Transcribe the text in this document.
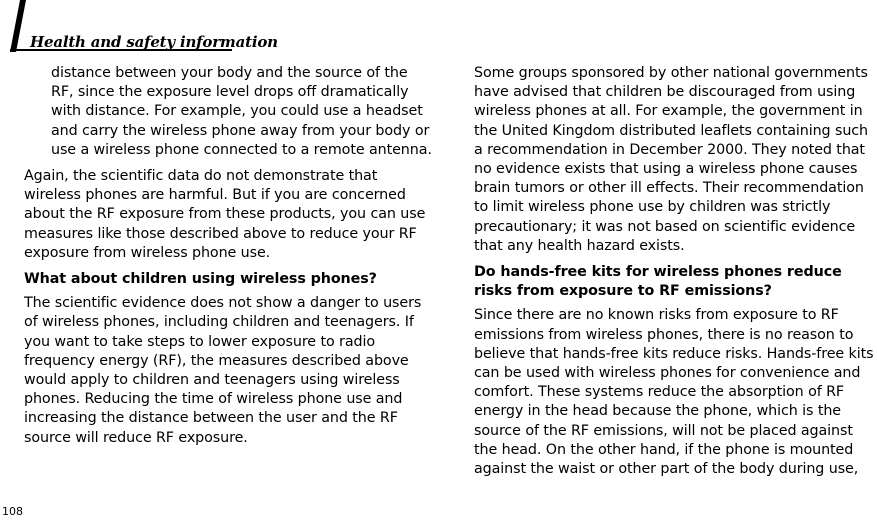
Health and safety information

distance between your body and the source of the RF, since the exposure level drops off dramatically with distance. For example, you could use a headset and carry the wireless phone away from your body or use a wireless phone connected to a remote antenna.

Again, the scientific data do not demonstrate that wireless phones are harmful. But if you are concerned about the RF exposure from these products, you can use measures like those described above to reduce your RF exposure from wireless phone use.

What about children using wireless phones?

The scientific evidence does not show a danger to users of wireless phones, including children and teenagers. If you want to take steps to lower exposure to radio frequency energy (RF), the measures described above would apply to children and teenagers using wireless phones. Reducing the time of wireless phone use and increasing the distance between the user and the RF source will reduce RF exposure.

Some groups sponsored by other national governments have advised that children be discouraged from using wireless phones at all. For example, the government in the United Kingdom distributed leaflets containing such a recommendation in December 2000. They noted that no evidence exists that using a wireless phone causes brain tumors or other ill effects. Their recommendation to limit wireless phone use by children was strictly precautionary; it was not based on scientific evidence that any health hazard exists.

Do hands-free kits for wireless phones reduce risks from exposure to RF emissions?

Since there are no known risks from exposure to RF emissions from wireless phones, there is no reason to believe that hands-free kits reduce risks. Hands-free kits can be used with wireless phones for convenience and comfort. These systems reduce the absorption of RF energy in the head because the phone, which is the source of the RF emissions, will not be placed against the head. On the other hand, if the phone is mounted against the waist or other part of the body during use,

108
